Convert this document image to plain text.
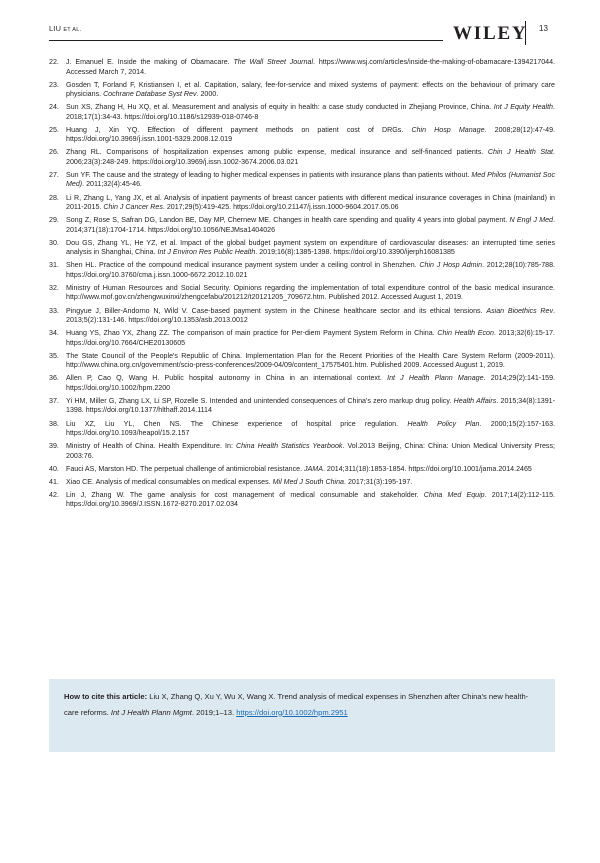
LIU ET AL.	WILEY 13
22. J. Emanuel E. Inside the making of Obamacare. The Wall Street Journal. https://www.wsj.com/articles/inside-the-making-of-obamacare-1394217044. Accessed March 7, 2014.
23. Gosden T, Forland F, Kristiansen I, et al. Capitation, salary, fee-for-service and mixed systems of payment: effects on the behaviour of primary care physicians. Cochrane Database Syst Rev. 2000.
24. Sun XS, Zhang H, Hu XQ, et al. Measurement and analysis of equity in health: a case study conducted in Zhejiang Province, China. Int J Equity Health. 2018;17(1):34-43. https://doi.org/10.1186/s12939-018-0746-8
25. Huang J, Xin YQ. Effection of different payment methods on patient cost of DRGs. Chin Hosp Manage. 2008;28(12):47-49. https://doi.org/10.3969/j.issn.1001-5329.2008.12.019
26. Zhang RL. Comparisons of hospitalization expenses among public expense, medical insurance and self-financed patients. Chin J Health Stat. 2006;23(3):248-249. https://doi.org/10.3969/j.issn.1002-3674.2006.03.021
27. Sun YF. The cause and the strategy of leading to higher medical expenses in patients with insurance plans than patients without. Med Philos (Humanist Soc Med). 2011;32(4):45-46.
28. Li R, Zhang L, Yang JX, et al. Analysis of inpatient payments of breast cancer patients with different medical insurance coverages in China (mainland) in 2011-2015. Chin J Cancer Res. 2017;29(5):419-425. https://doi.org/10.21147/j.issn.1000-9604.2017.05.06
29. Song Z, Rose S, Safran DG, Landon BE, Day MP, Chernew ME. Changes in health care spending and quality 4 years into global payment. N Engl J Med. 2014;371(18):1704-1714. https://doi.org/10.1056/NEJMsa1404026
30. Dou GS, Zhang YL, He YZ, et al. Impact of the global budget payment system on expenditure of cardiovascular diseases: an interrupted time series analysis in Shanghai, China. Int J Environ Res Public Health. 2019;16(8):1385-1398. https://doi.org/10.3390/ijerph16081385
31. Shen HL. Practice of the compound medical insurance payment system under a ceiling control in Shenzhen. Chin J Hosp Admin. 2012;28(10):785-788. https://doi.org/10.3760/cma.j.issn.1000-6672.2012.10.021
32. Ministry of Human Resources and Social Security. Opinions regarding the implementation of total expenditure control of the basic medical insurance. http://www.mof.gov.cn/zhengwuxinxi/zhengcefabu/201212/t20121205_709672.htm. Published 2012. Accessed August 1, 2019.
33. Pingyue J, Biller-Andorno N, Wild V. Case-based payment system in the Chinese healthcare sector and its ethical tensions. Asian Bioethics Rev. 2013;5(2):131-146. https://doi.org/10.1353/asb.2013.0012
34. Huang YS, Zhao YX, Zhang ZZ. The comparison of main practice for Per-diem Payment System Reform in China. Chin Health Econ. 2013;32(6):15-17. https://doi.org/10.7664/CHE20130605
35. The State Council of the People's Republic of China. Implementation Plan for the Recent Priorities of the Health Care System Reform (2009-2011). http://www.china.org.cn/government/scio-press-conferences/2009-04/09/content_17575401.htm. Published 2009. Accessed August 1, 2019.
36. Allen P, Cao Q, Wang H. Public hospital autonomy in China in an international context. Int J Health Plann Manage. 2014;29(2):141-159. https://doi.org/10.1002/hpm.2200
37. Yi HM, Miller G, Zhang LX, Li SP, Rozelle S. Intended and unintended consequences of China's zero markup drug policy. Health Affairs. 2015;34(8):1391-1398. https://doi.org/10.1377/hlthaff.2014.1114
38. Liu XZ, Liu YL, Chen NS. The Chinese experience of hospital price regulation. Health Policy Plan. 2000;15(2):157-163. https://doi.org/10.1093/heapol/15.2.157
39. Ministry of Health of China. Health Expenditure. In: China Health Statistics Yearbook. Vol.2013 Beijing, China: China: Union Medical University Press; 2003:76.
40. Fauci AS, Marston HD. The perpetual challenge of antimicrobial resistance. JAMA. 2014;311(18):1853-1854. https://doi.org/10.1001/jama.2014.2465
41. Xiao CE. Analysis of medical consumables on medical expenses. Mil Med J South China. 2017;31(3):195-197.
42. Lin J, Zhang W. The game analysis for cost management of medical consumable and stakeholder. China Med Equip. 2017;14(2):112-115. https://doi.org/10.3969/J.ISSN.1672-8270.2017.02.034
How to cite this article: Liu X, Zhang Q, Xu Y, Wu X, Wang X. Trend analysis of medical expenses in Shenzhen after China's new health-care reforms. Int J Health Plann Mgmt. 2019;1–13. https://doi.org/10.1002/hpm.2951
